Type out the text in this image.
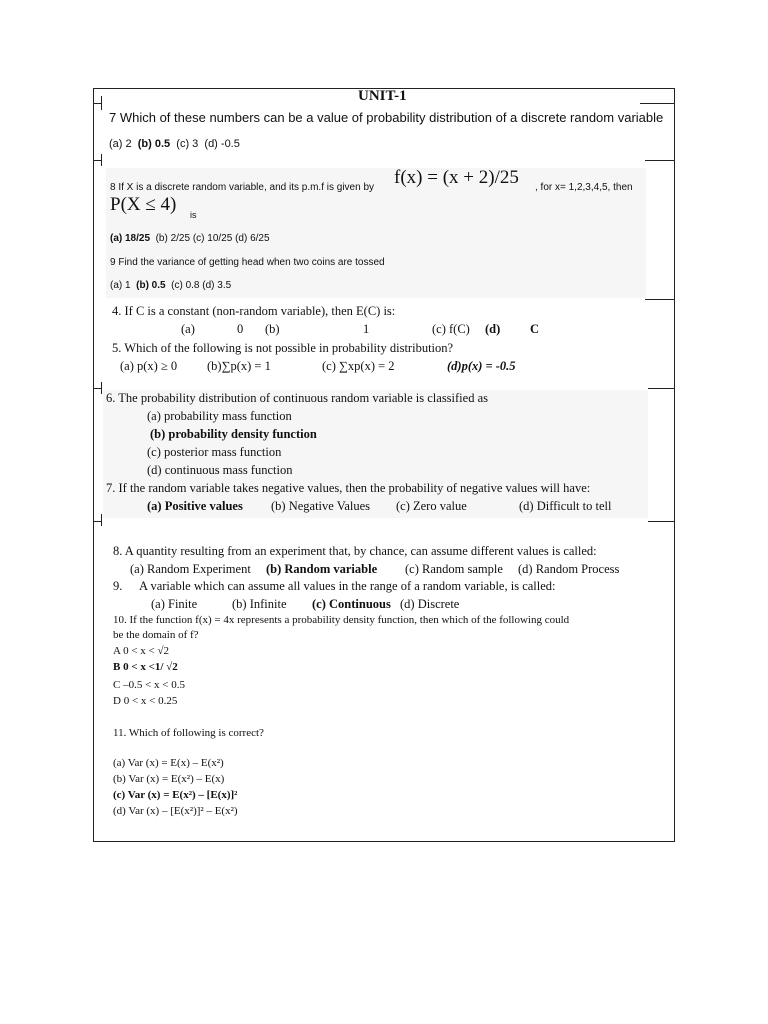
UNIT-1
7 Which of these numbers can be a value of probability distribution of a discrete random variable
(a) 2 (b) 0.5 (c) 3 (d) -0.5
8 If X is a discrete random variable, and its p.m.f is given by f(x) = (x + 2)/25 , for x= 1,2,3,4,5, then
P(X ≤ 4) is
(a) 18/25 (b) 2/25 (c) 10/25 (d) 6/25
9 Find the variance of getting head when two coins are tossed
(a) 1 (b) 0.5 (c) 0.8 (d) 3.5
4. If C is a constant (non-random variable), then E(C) is:
(a)	0 (b)	1	(c) f(C) (d) C
5. Which of the following is not possible in probability distribution?
(a) p(x) ≥ 0 (b)∑p(x) = 1	(c) ∑xp(x) = 2	(d)p(x) = -0.5
6. The probability distribution of continuous random variable is classified as
(a) probability mass function
(b) probability density function
(c) posterior mass function
(d) continuous mass function
7. If the random variable takes negative values, then the probability of negative values will have:
(a) Positive values (b) Negative Values (c) Zero value	(d) Difficult to tell
8. A quantity resulting from an experiment that, by chance, can assume different values is called:
(a) Random Experiment (b) Random variable (c) Random sample (d) Random Process
9. A variable which can assume all values in the range of a random variable, is called:
(a) Finite	(b) Infinite (c) Continuous (d) Discrete
10. If the function f(x) = 4x represents a probability density function, then which of the following could
be the domain of f?
A 0 < x < √2
B 0 < x <1/ √2
C –0.5 < x < 0.5
D 0 < x < 0.25
11. Which of following is correct?
(a) Var (x) = E(x) – E(x²)
(b) Var (x) = E(x²) – E(x)
(c) Var (x) = E(x²) – [E(x)]²
(d) Var (x) – [E(x²)]² – E(x²)
